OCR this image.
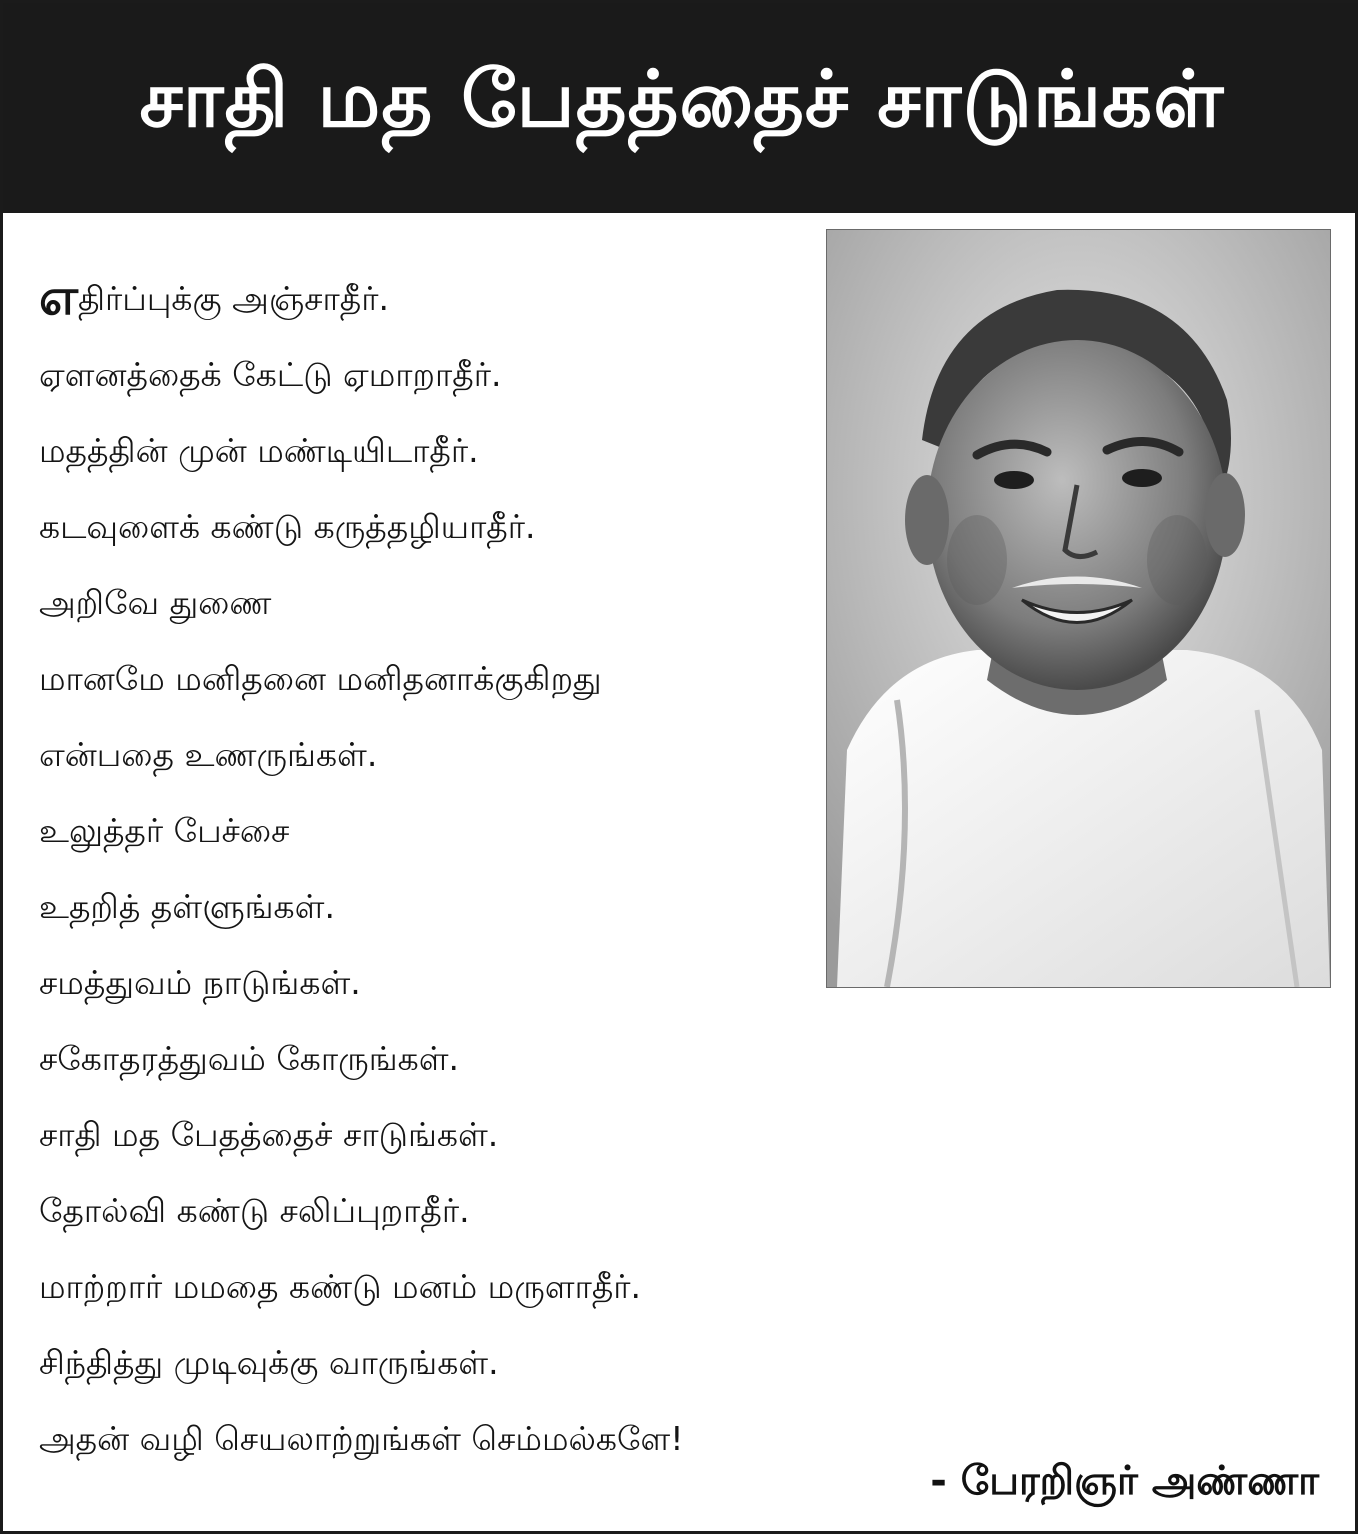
சாதி மத பேதத்தைச் சாடுங்கள்
எதிர்ப்புக்கு அஞ்சாதீர்.
ஏளனத்தைக் கேட்டு ஏமாறாதீர்.
மதத்தின் முன் மண்டியிடாதீர்.
கடவுளைக் கண்டு கருத்தழியாதீர்.
அறிவே துணை
மானமே மனிதனை மனிதனாக்குகிறது
என்பதை உணருங்கள்.
உலுத்தர் பேச்சை
உதறித் தள்ளுங்கள்.
சமத்துவம் நாடுங்கள்.
சகோதரத்துவம் கோருங்கள்.
சாதி மத பேதத்தைச் சாடுங்கள்.
தோல்வி கண்டு சலிப்புறாதீர்.
மாற்றார் மமதை கண்டு மனம் மருளாதீர்.
சிந்தித்து முடிவுக்கு வாருங்கள்.
அதன் வழி செயலாற்றுங்கள் செம்மல்களே!
- பேரறிஞர் அண்ணா
